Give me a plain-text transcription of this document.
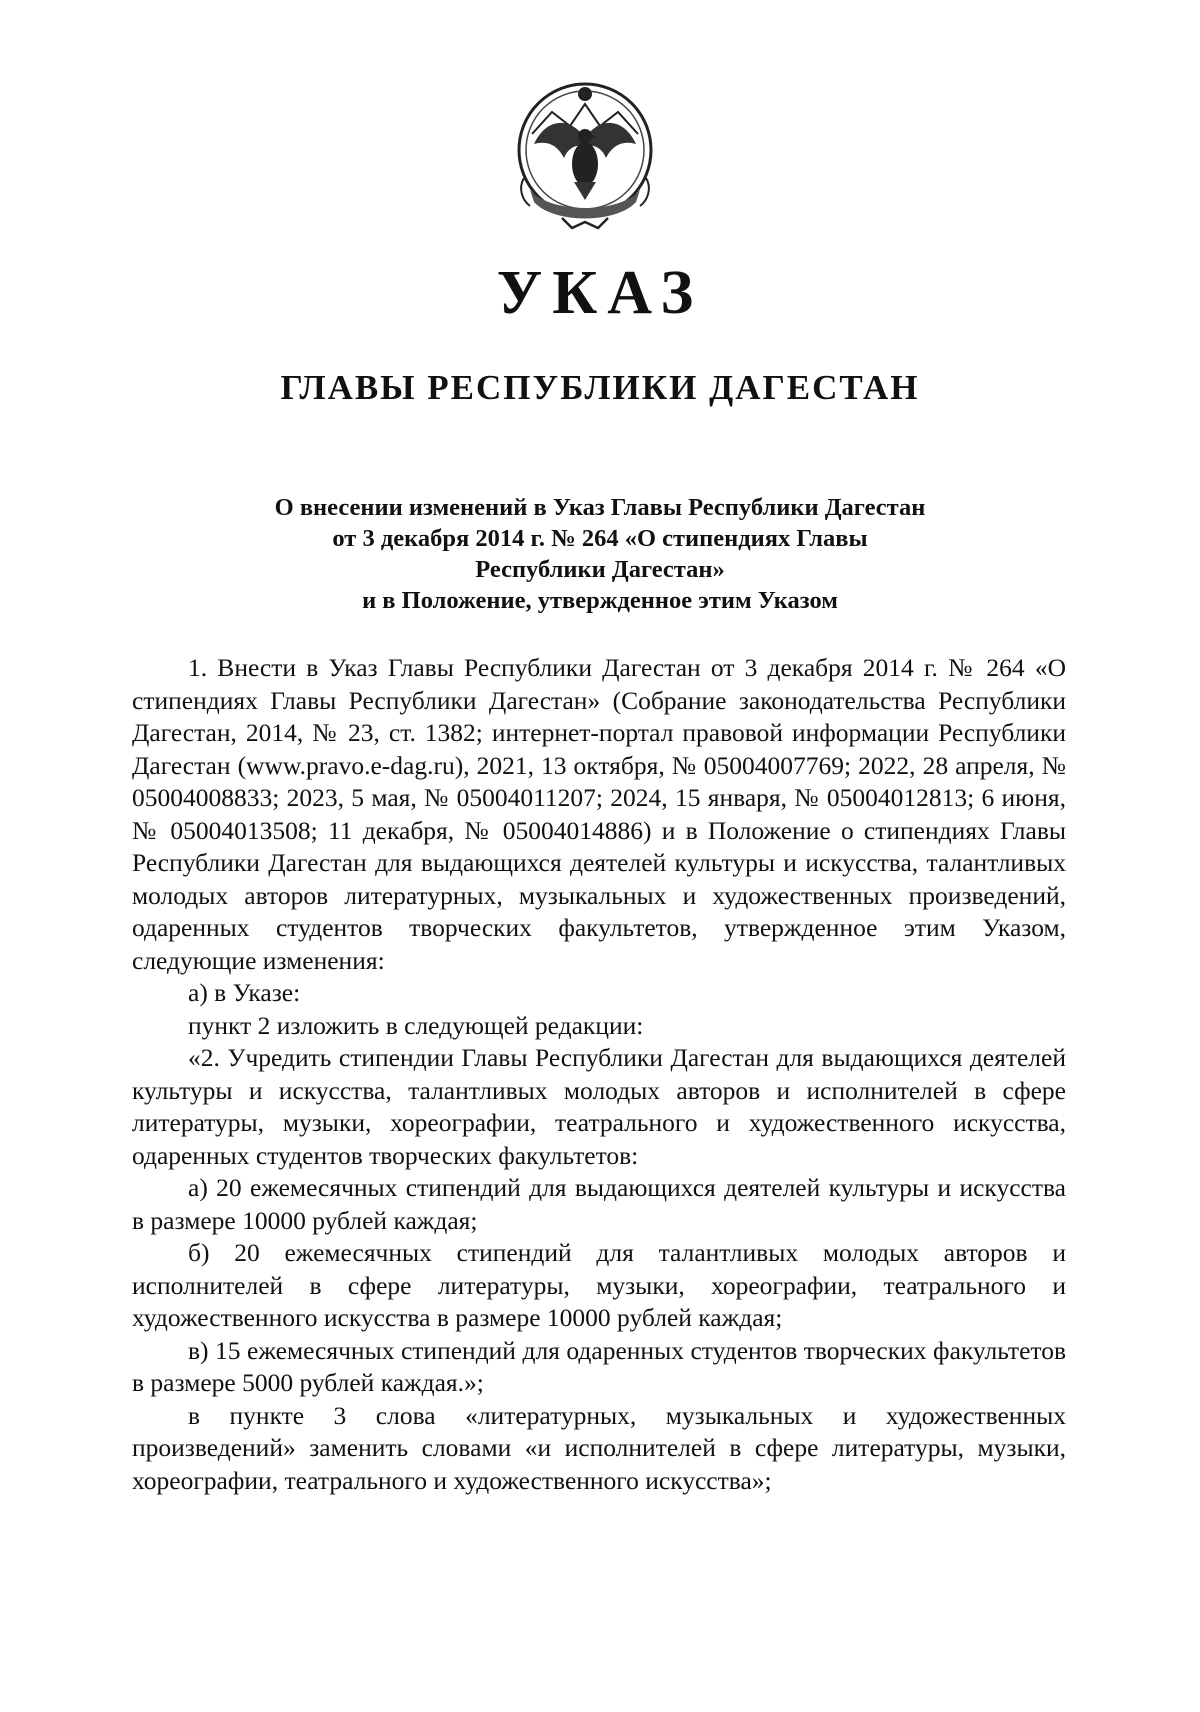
УКАЗ
ГЛАВЫ РЕСПУБЛИКИ ДАГЕСТАН
О внесении изменений в Указ Главы Республики Дагестан
от 3 декабря 2014 г. № 264 «О стипендиях Главы
Республики Дагестан»
и в Положение, утвержденное этим Указом

1. Внести в Указ Главы Республики Дагестан от 3 декабря 2014 г. № 264 «О стипендиях Главы Республики Дагестан» (Собрание законодательства Республики Дагестан, 2014, № 23, ст. 1382; интернет-портал правовой информации Республики Дагестан (www.pravo.e-dag.ru), 2021, 13 октября, № 05004007769; 2022, 28 апреля, № 05004008833; 2023, 5 мая, № 05004011207; 2024, 15 января, № 05004012813; 6 июня, № 05004013508; 11 декабря, № 05004014886) и в Положение о стипендиях Главы Республики Дагестан для выдающихся деятелей культуры и искусства, талантливых молодых авторов литературных, музыкальных и художественных произведений, одаренных студентов творческих факультетов, утвержденное этим Указом, следующие изменения:

а) в Указе:

пункт 2 изложить в следующей редакции:

«2. Учредить стипендии Главы Республики Дагестан для выдающихся деятелей культуры и искусства, талантливых молодых авторов и исполнителей в сфере литературы, музыки, хореографии, театрального и художественного искусства, одаренных студентов творческих факультетов:

а) 20 ежемесячных стипендий для выдающихся деятелей культуры и искусства в размере 10000 рублей каждая;

б) 20 ежемесячных стипендий для талантливых молодых авторов и исполнителей в сфере литературы, музыки, хореографии, театрального и художественного искусства в размере 10000 рублей каждая;

в) 15 ежемесячных стипендий для одаренных студентов творческих факультетов в размере 5000 рублей каждая.»;

в пункте 3 слова «литературных, музыкальных и художественных произведений» заменить словами «и исполнителей в сфере литературы, музыки, хореографии, театрального и художественного искусства»;
